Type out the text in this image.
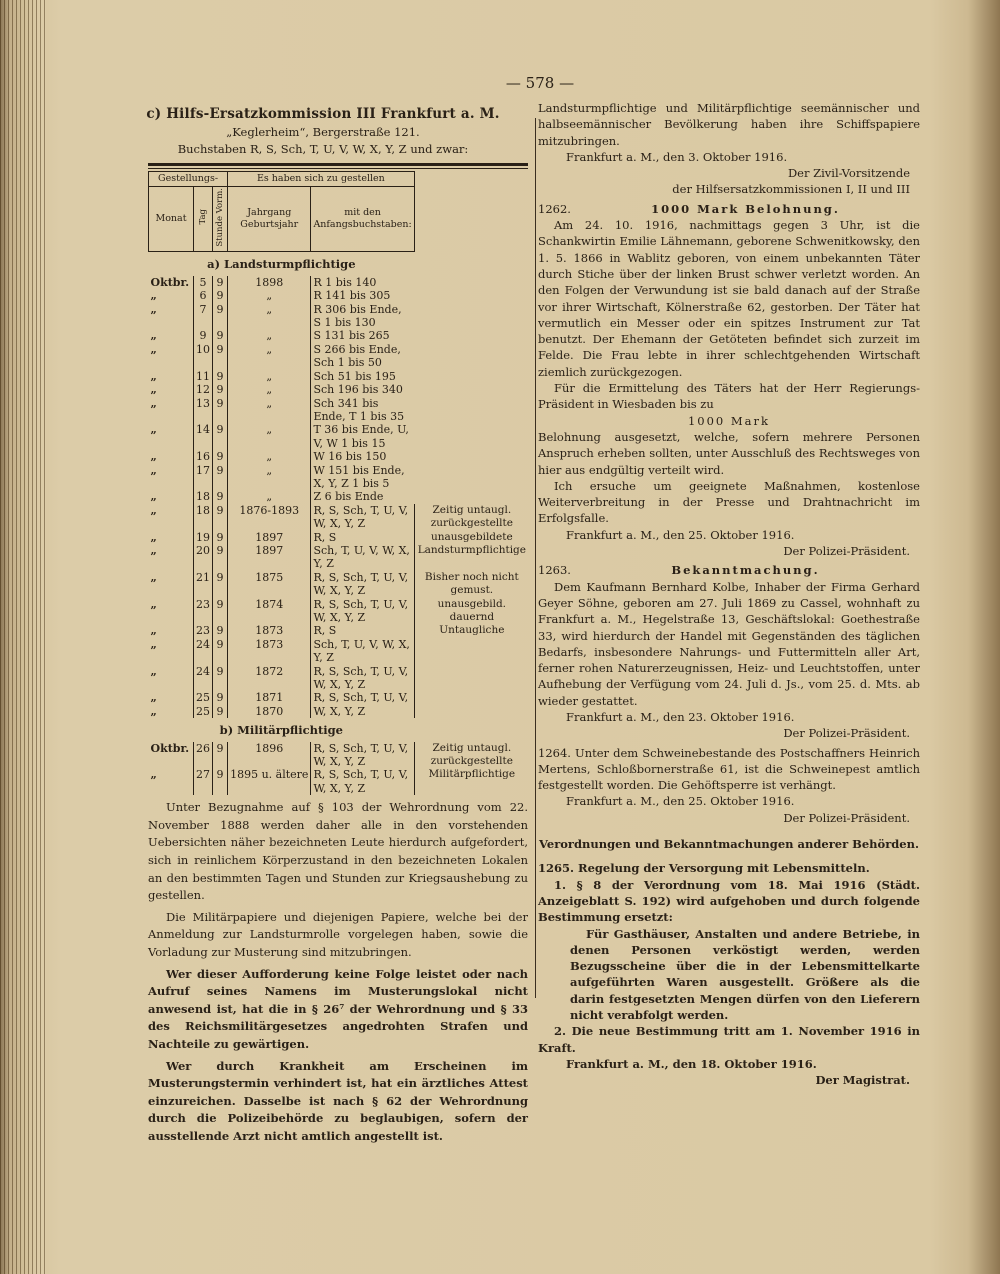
— 578 —
c) Hilfs-Ersatzkommission III Frankfurt a. M.
„Keglerheim“, Bergerstraße 121.
Buchstaben R, S, Sch, T, U, V, W, X, Y, Z und zwar:
Gestellungs-			Es haben sich zu gestellen		
Monat	Tag	Stunde Vorm.	Jahrgang Geburtsjahr	mit den Anfangsbuchstaben:	
a) Landsturmpflichtige					
Oktbr.	5	9	1898	R 1 bis 140	
„	6	9	„	R 141 bis 305	
„	7	9	„	R 306 bis Ende, S 1 bis 130	
„	9	9	„	S 131 bis 265	
„	10	9	„	S 266 bis Ende, Sch 1 bis 50	
„	11	9	„	Sch 51 bis 195	
„	12	9	„	Sch 196 bis 340	
„	13	9	„	Sch 341 bis Ende, T 1 bis 35	
„	14	9	„	T 36 bis Ende, U, V, W 1 bis 15	
„	16	9	„	W 16 bis 150	
„	17	9	„	W 151 bis Ende, X, Y, Z 1 bis 5	
„	18	9	„	Z 6 bis Ende	
„	18	9	1876-1893	R, S, Sch, T, U, V, W, X, Y, Z	Zeitig untaugl. zurückgestellte unausgebildete Landsturmpflichtige
„	19	9	1897	R, S	
„	20	9	1897	Sch, T, U, V, W, X, Y, Z	
„	21	9	1875	R, S, Sch, T, U, V, W, X, Y, Z	Bisher noch nicht gemust. unausgebild. dauernd Untaugliche
„	23	9	1874	R, S, Sch, T, U, V, W, X, Y, Z	
„	23	9	1873	R, S	
„	24	9	1873	Sch, T, U, V, W, X, Y, Z	
„	24	9	1872	R, S, Sch, T, U, V, W, X, Y, Z	
„	25	9	1871	R, S, Sch, T, U, V,	
„	25	9	1870	W, X, Y, Z	
b) Militärpflichtige					
Oktbr.	26	9	1896	R, S, Sch, T, U, V, W, X, Y, Z	Zeitig untaugl. zurückgestellte Militärpflichtige
„	27	9	1895 u. ältere	R, S, Sch, T, U, V, W, X, Y, Z	

Unter Bezugnahme auf § 103 der Wehrordnung vom 22. November 1888 werden daher alle in den vorstehenden Uebersichten näher bezeichneten Leute hierdurch aufgefordert, sich in reinlichem Körperzustand in den bezeichneten Lokalen an den bestimmten Tagen und Stunden zur Kriegsaushebung zu gestellen.

Die Militärpapiere und diejenigen Papiere, welche bei der Anmeldung zur Landsturmrolle vorgelegen haben, sowie die Vorladung zur Musterung sind mitzubringen.

Wer dieser Aufforderung keine Folge leistet oder nach Aufruf seines Namens im Musterungslokal nicht anwesend ist, hat die in § 26⁷ der Wehrordnung und § 33 des Reichsmilitärgesetzes angedrohten Strafen und Nachteile zu gewärtigen.

Wer durch Krankheit am Erscheinen im Musterungstermin verhindert ist, hat ein ärztliches Attest einzureichen. Dasselbe ist nach § 62 der Wehrordnung durch die Polizeibehörde zu beglaubigen, sofern der ausstellende Arzt nicht amtlich angestellt ist.

Landsturmpflichtige und Militärpflichtige seemännischer und halbseemännischer Bevölkerung haben ihre Schiffspapiere mitzubringen.

Frankfurt a. M., den 3. Oktober 1916.

Der Zivil-Vorsitzende

der Hilfsersatzkommissionen I, II und III

1262.	1000 Mark Belohnung.

Am 24. 10. 1916, nachmittags gegen 3 Uhr, ist die Schankwirtin Emilie Lähnemann, geborene Schwenitkowsky, den 1. 5. 1866 in Wablitz geboren, von einem unbekannten Täter durch Stiche über der linken Brust schwer verletzt worden. An den Folgen der Verwundung ist sie bald danach auf der Straße vor ihrer Wirtschaft, Kölnerstraße 62, gestorben. Der Täter hat vermutlich ein Messer oder ein spitzes Instrument zur Tat benutzt. Der Ehemann der Getöteten befindet sich zurzeit im Felde. Die Frau lebte in ihrer schlechtgehenden Wirtschaft ziemlich zurückgezogen.

Für die Ermittelung des Täters hat der Herr Regierungs-Präsident in Wiesbaden bis zu

1000 Mark

Belohnung ausgesetzt, welche, sofern mehrere Personen Anspruch erheben sollten, unter Ausschluß des Rechtsweges von hier aus endgültig verteilt wird.

Ich ersuche um geeignete Maßnahmen, kostenlose Weiterverbreitung in der Presse und Drahtnachricht im Erfolgsfalle.

Frankfurt a. M., den 25. Oktober 1916.

Der Polizei-Präsident.

1263.	Bekanntmachung.

Dem Kaufmann Bernhard Kolbe, Inhaber der Firma Gerhard Geyer Söhne, geboren am 27. Juli 1869 zu Cassel, wohnhaft zu Frankfurt a. M., Hegelstraße 13, Geschäftslokal: Goethestraße 33, wird hierdurch der Handel mit Gegenständen des täglichen Bedarfs, insbesondere Nahrungs- und Futtermitteln aller Art, ferner rohen Naturerzeugnissen, Heiz- und Leuchtstoffen, unter Aufhebung der Verfügung vom 24. Juli d. Js., vom 25. d. Mts. ab wieder gestattet.

Frankfurt a. M., den 23. Oktober 1916.

Der Polizei-Präsident.

1264. Unter dem Schweinebestande des Postschaffners Heinrich Mertens, Schloßbornerstraße 61, ist die Schweinepest amtlich festgestellt worden. Die Gehöftsperre ist verhängt.

Frankfurt a. M., den 25. Oktober 1916.

Der Polizei-Präsident.

Verordnungen und Bekanntmachungen anderer Behörden.

1265. Regelung der Versorgung mit Lebensmitteln.

1. § 8 der Verordnung vom 18. Mai 1916 (Städt. Anzeigeblatt S. 192) wird aufgehoben und durch folgende Bestimmung ersetzt:

Für Gasthäuser, Anstalten und andere Betriebe, in denen Personen verköstigt werden, werden Bezugsscheine über die in der Lebensmittelkarte aufgeführten Waren ausgestellt. Größere als die darin festgesetzten Mengen dürfen von den Lieferern nicht verabfolgt werden.

2. Die neue Bestimmung tritt am 1. November 1916 in Kraft.

Frankfurt a. M., den 18. Oktober 1916.

Der Magistrat.
